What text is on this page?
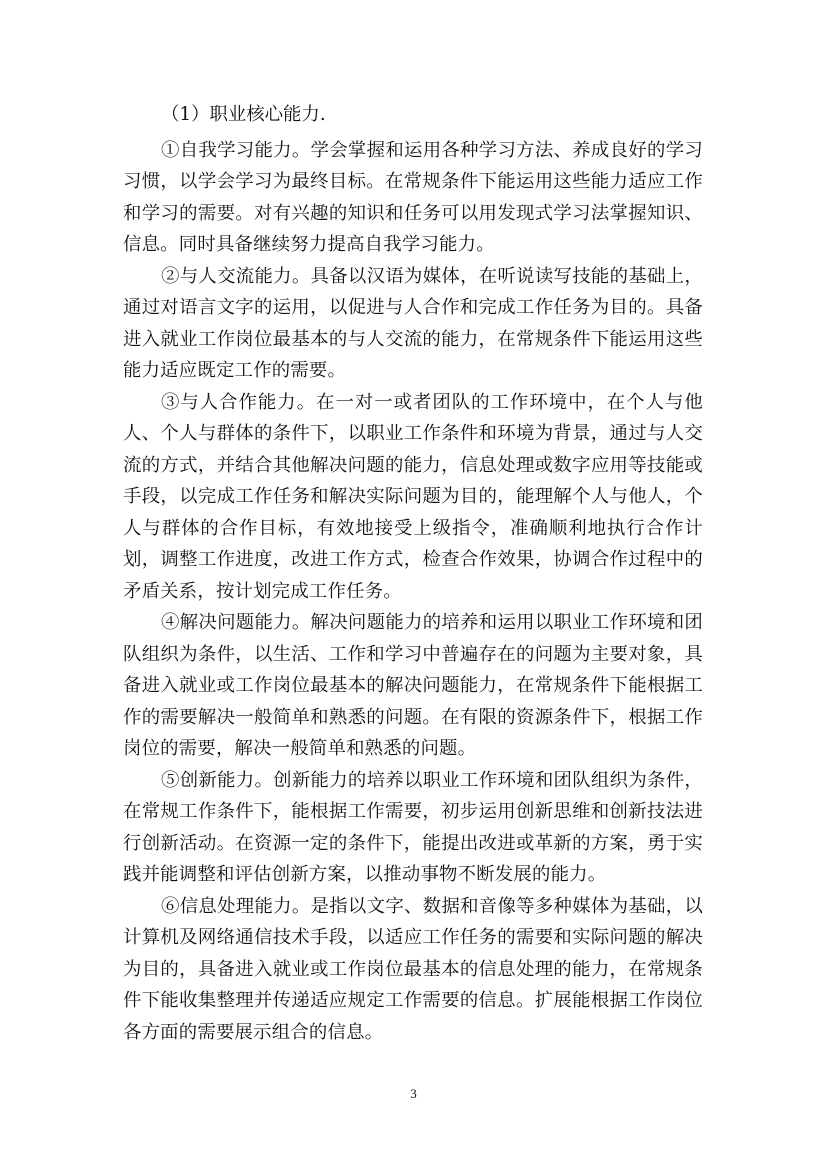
（1）职业核心能力.

①自我学习能力。学会掌握和运用各种学习方法、养成良好的学习习惯，以学会学习为最终目标。在常规条件下能运用这些能力适应工作和学习的需要。对有兴趣的知识和任务可以用发现式学习法掌握知识、信息。同时具备继续努力提高自我学习能力。

②与人交流能力。具备以汉语为媒体，在听说读写技能的基础上，通过对语言文字的运用，以促进与人合作和完成工作任务为目的。具备进入就业工作岗位最基本的与人交流的能力，在常规条件下能运用这些能力适应既定工作的需要。

③与人合作能力。在一对一或者团队的工作环境中，在个人与他人、个人与群体的条件下，以职业工作条件和环境为背景，通过与人交流的方式，并结合其他解决问题的能力，信息处理或数字应用等技能或手段，以完成工作任务和解决实际问题为目的，能理解个人与他人，个人与群体的合作目标，有效地接受上级指令，准确顺利地执行合作计划，调整工作进度，改进工作方式，检查合作效果，协调合作过程中的矛盾关系，按计划完成工作任务。

④解决问题能力。解决问题能力的培养和运用以职业工作环境和团队组织为条件，以生活、工作和学习中普遍存在的问题为主要对象，具备进入就业或工作岗位最基本的解决问题能力，在常规条件下能根据工作的需要解决一般简单和熟悉的问题。在有限的资源条件下，根据工作岗位的需要，解决一般简单和熟悉的问题。

⑤创新能力。创新能力的培养以职业工作环境和团队组织为条件，在常规工作条件下，能根据工作需要，初步运用创新思维和创新技法进行创新活动。在资源一定的条件下，能提出改进或革新的方案，勇于实践并能调整和评估创新方案，以推动事物不断发展的能力。

⑥信息处理能力。是指以文字、数据和音像等多种媒体为基础，以计算机及网络通信技术手段，以适应工作任务的需要和实际问题的解决为目的，具备进入就业或工作岗位最基本的信息处理的能力，在常规条件下能收集整理并传递适应规定工作需要的信息。扩展能根据工作岗位各方面的需要展示组合的信息。

3
